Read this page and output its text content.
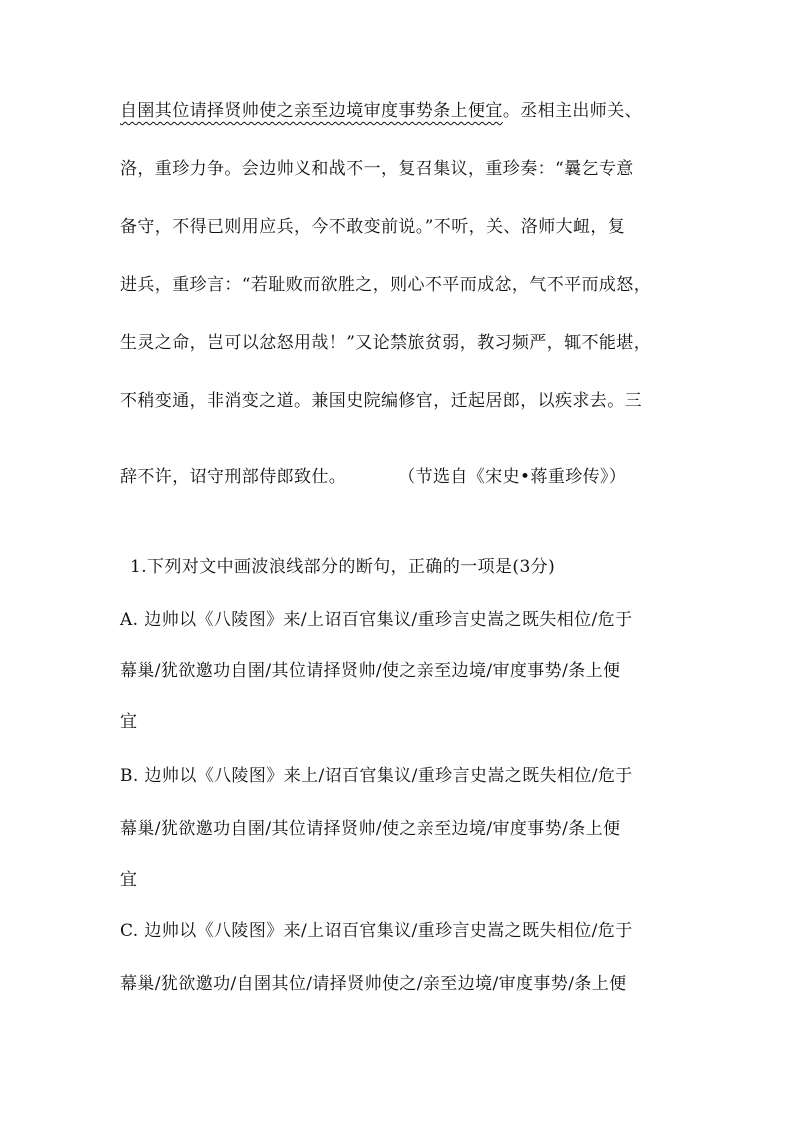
自圉其位请择贤帅使之亲至边境审度事势条上便宜。丞相主出师关、
洛，重珍力争。会边帅义和战不一，复召集议，重珍奏：“曩乞专意
备守，不得已则用应兵，今不敢变前说。”不听，关、洛师大衄，复
进兵，重珍言：“若耻败而欲胜之，则心不平而成忿，气不平而成怒，
生灵之命，岂可以忿怒用哉！”又论禁旅贫弱，教习频严，辄不能堪，
不稍变通，非消变之道。兼国史院编修官，迁起居郎，以疾求去。三
辞不许，诏守刑部侍郎致仕。	（节选自《宋史•蒋重珍传》）
1.下列对文中画波浪线部分的断句，正确的一项是(3分)
A. 边帅以《八陵图》来/上诏百官集议/重珍言史嵩之既失相位/危于
幕巢/犹欲邀功自圉/其位请择贤帅/使之亲至边境/审度事势/条上便
宜
B. 边帅以《八陵图》来上/诏百官集议/重珍言史嵩之既失相位/危于
幕巢/犹欲邀功自圉/其位请择贤帅/使之亲至边境/审度事势/条上便
宜
C. 边帅以《八陵图》来/上诏百官集议/重珍言史嵩之既失相位/危于
幕巢/犹欲邀功/自圉其位/请择贤帅使之/亲至边境/审度事势/条上便
